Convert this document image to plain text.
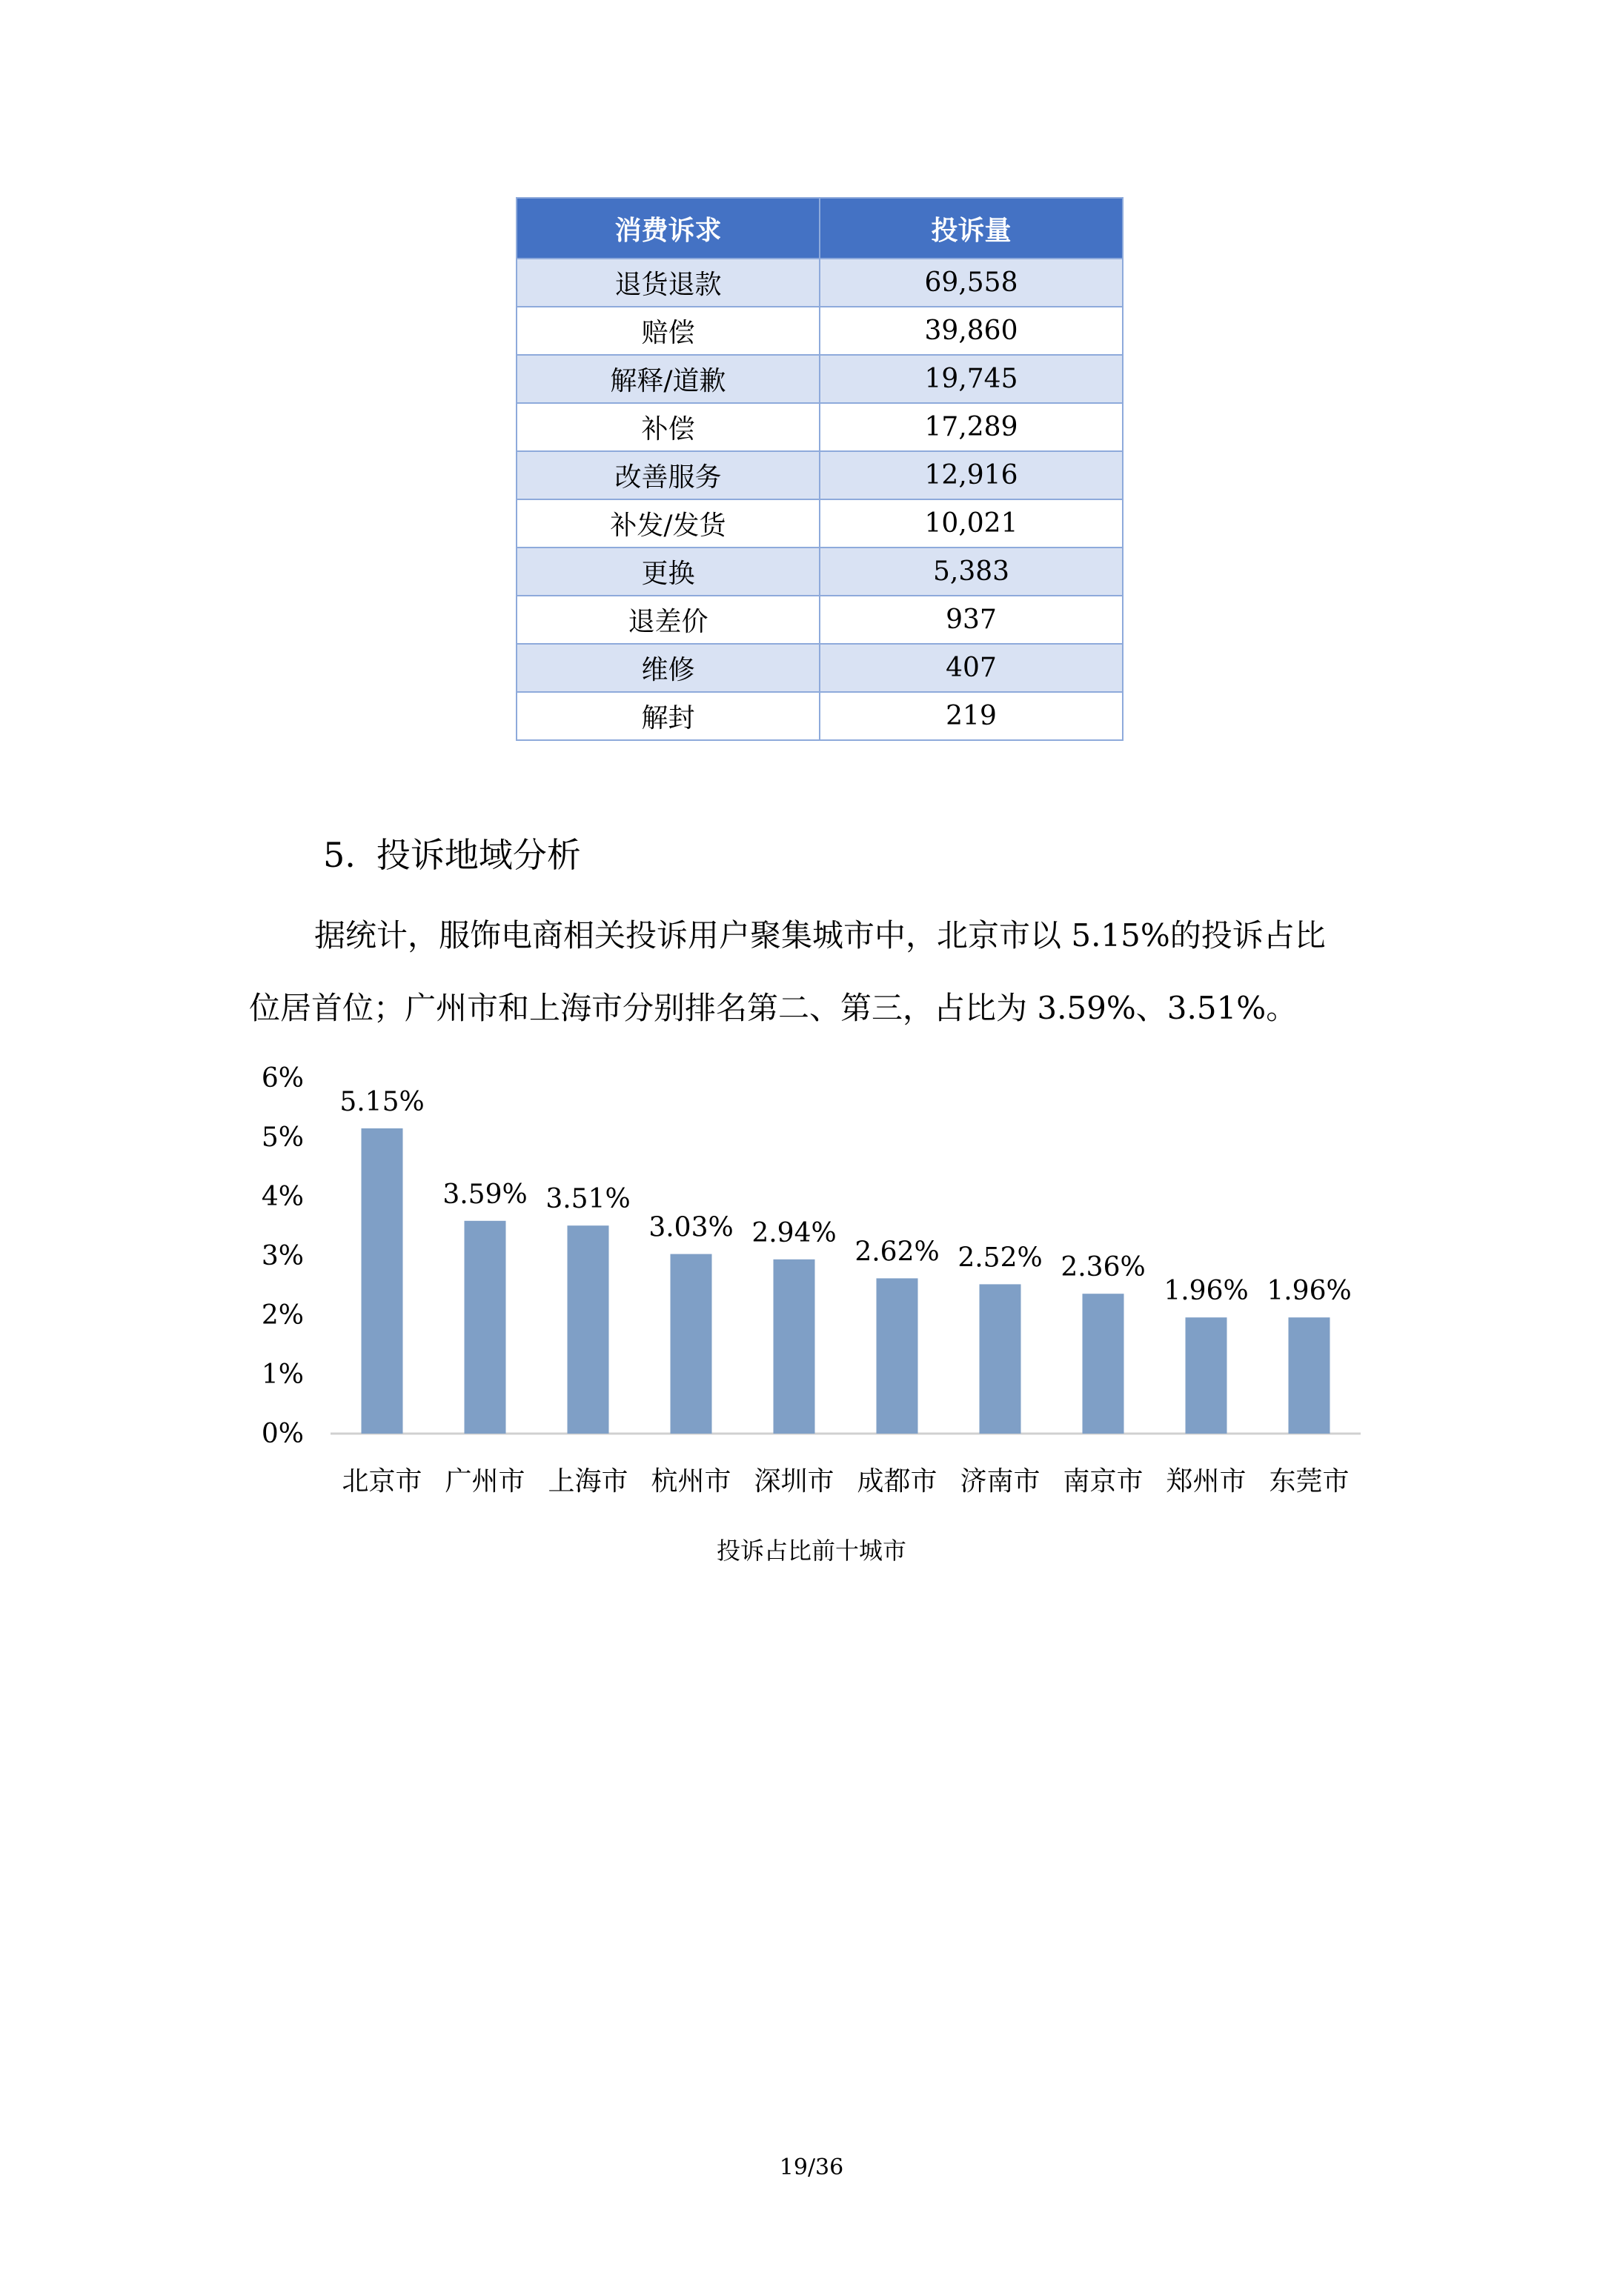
消费诉求	投诉量
退货退款	69,558
赔偿	39,860
解释/道歉	19,745
补偿	17,289
改善服务	12,916
补发/发货	10,021
更换	5,383
退差价	937
维修	407
解封	219
5. 投诉地域分析
据统计，服饰电商相关投诉用户聚集城市中，北京市以 5.15%的投诉占比
位居首位；广州市和上海市分别排名第二、第三，占比为 3.59%、3.51%。
0%
1%
2%
3%
4%
5%
6%
5.15%
北京市
3.59%
广州市
3.51%
上海市
3.03%
杭州市
2.94%
深圳市
2.62%
成都市
2.52%
济南市
2.36%
南京市
1.96%
郑州市
1.96%
东莞市
投诉占比前十城市
19/36
